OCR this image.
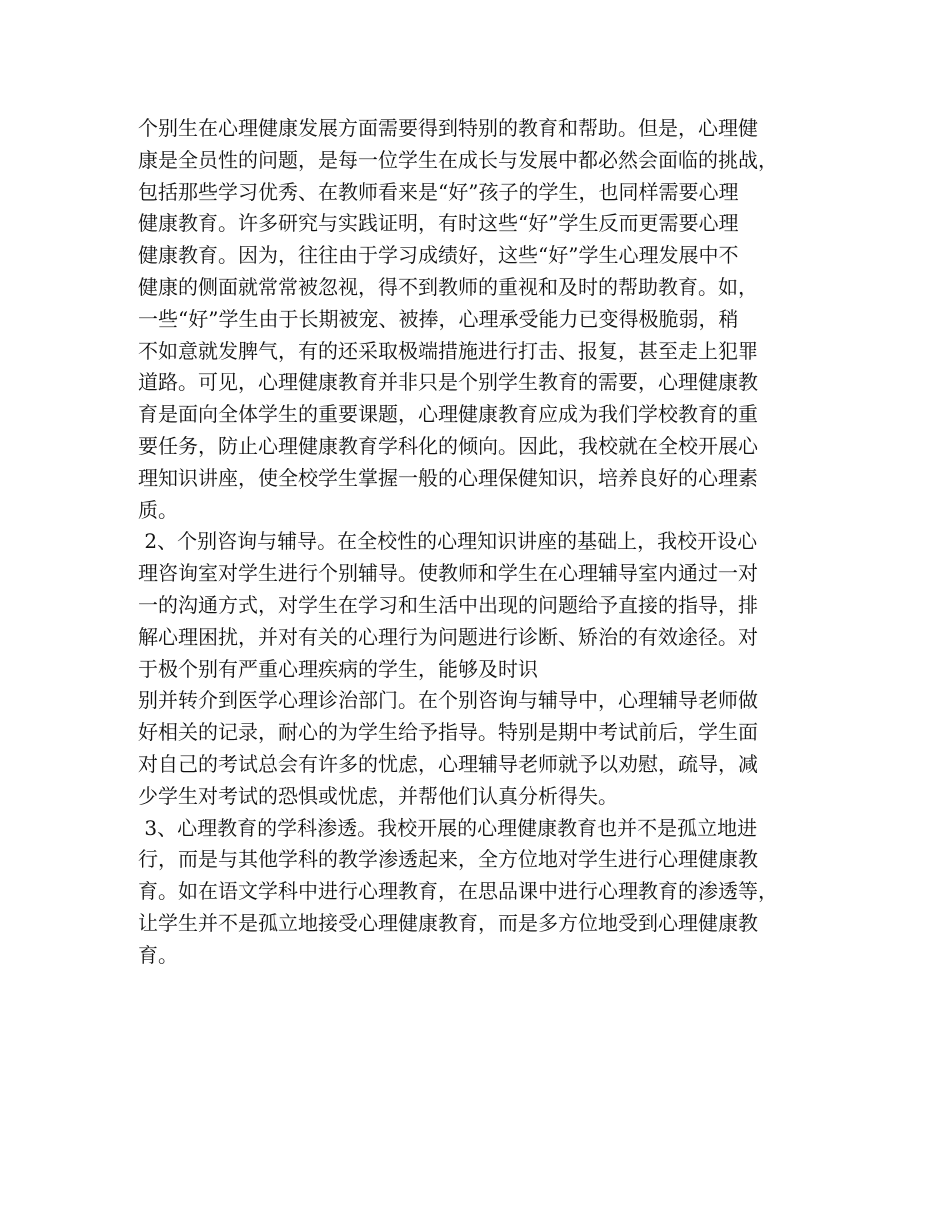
个别生在心理健康发展方面需要得到特别的教育和帮助。但是，心理健
康是全员性的问题，是每一位学生在成长与发展中都必然会面临的挑战，
包括那些学习优秀、在教师看来是“好”孩子的学生，也同样需要心理
健康教育。许多研究与实践证明，有时这些“好”学生反而更需要心理
健康教育。因为，往往由于学习成绩好，这些“好”学生心理发展中不
健康的侧面就常常被忽视，得不到教师的重视和及时的帮助教育。如，
一些“好”学生由于长期被宠、被捧，心理承受能力已变得极脆弱，稍
不如意就发脾气，有的还采取极端措施进行打击、报复，甚至走上犯罪
道路。可见，心理健康教育并非只是个别学生教育的需要，心理健康教
育是面向全体学生的重要课题，心理健康教育应成为我们学校教育的重
要任务，防止心理健康教育学科化的倾向。因此，我校就在全校开展心
理知识讲座，使全校学生掌握一般的心理保健知识，培养良好的心理素
质。
2、个别咨询与辅导。在全校性的心理知识讲座的基础上，我校开设心
理咨询室对学生进行个别辅导。使教师和学生在心理辅导室内通过一对
一的沟通方式，对学生在学习和生活中出现的问题给予直接的指导，排
解心理困扰，并对有关的心理行为问题进行诊断、矫治的有效途径。对
于极个别有严重心理疾病的学生，能够及时识
别并转介到医学心理诊治部门。在个别咨询与辅导中，心理辅导老师做
好相关的记录，耐心的为学生给予指导。特别是期中考试前后，学生面
对自己的考试总会有许多的忧虑，心理辅导老师就予以劝慰，疏导，减
少学生对考试的恐惧或忧虑，并帮他们认真分析得失。
3、心理教育的学科渗透。我校开展的心理健康教育也并不是孤立地进
行，而是与其他学科的教学渗透起来，全方位地对学生进行心理健康教
育。如在语文学科中进行心理教育，在思品课中进行心理教育的渗透等，
让学生并不是孤立地接受心理健康教育，而是多方位地受到心理健康教
育。
